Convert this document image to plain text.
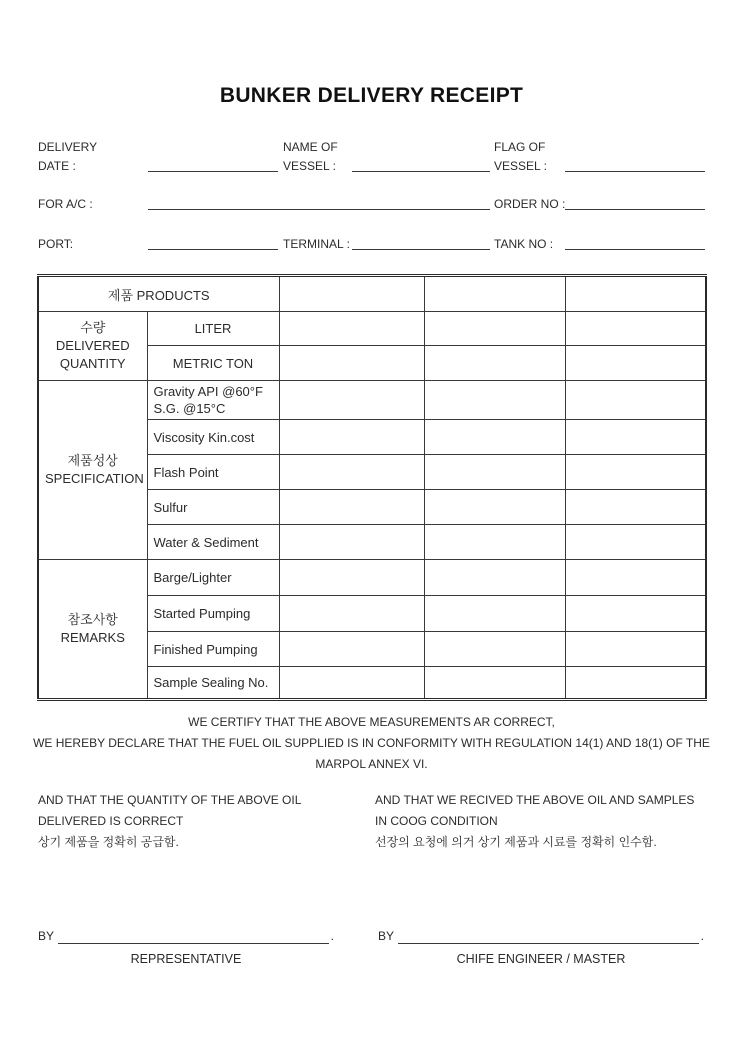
BUNKER DELIVERY RECEIPT
DELIVERY
DATE :
NAME OF
VESSEL :
FLAG OF
VESSEL :
FOR A/C :	ORDER NO :
PORT:	TERMINAL :	TANK NO :
제품 PRODUCTS				

수량
DELIVERED
QUANTITY	LITER			
	METRIC TON			

제품성상
SPECIFICATION

Gravity API @60°F
S.G. @15°C

	Viscosity Kin.cost			
	Flash Point			
	Sulfur			
	Water & Sediment			

참조사항
REMARKS	Barge/Lighter			
	Started Pumping			
	Finished Pumping			
	Sample Sealing No.			
WE CERTIFY THAT THE ABOVE MEASUREMENTS AR CORRECT,
WE HEREBY DECLARE THAT THE FUEL OIL SUPPLIED IS IN CONFORMITY WITH REGULATION 14(1) AND 18(1) OF THE
MARPOL ANNEX VI.
AND THAT THE QUANTITY OF THE ABOVE OIL
DELIVERED IS CORRECT
상기 제품을 정확히 공급함.
AND THAT WE RECIVED THE ABOVE OIL AND SAMPLES
IN COOG CONDITION
선장의 요청에 의거 상기 제품과 시료를 정확히 인수함.
BY	.
REPRESENTATIVE
BY	.
CHIFE ENGINEER / MASTER
